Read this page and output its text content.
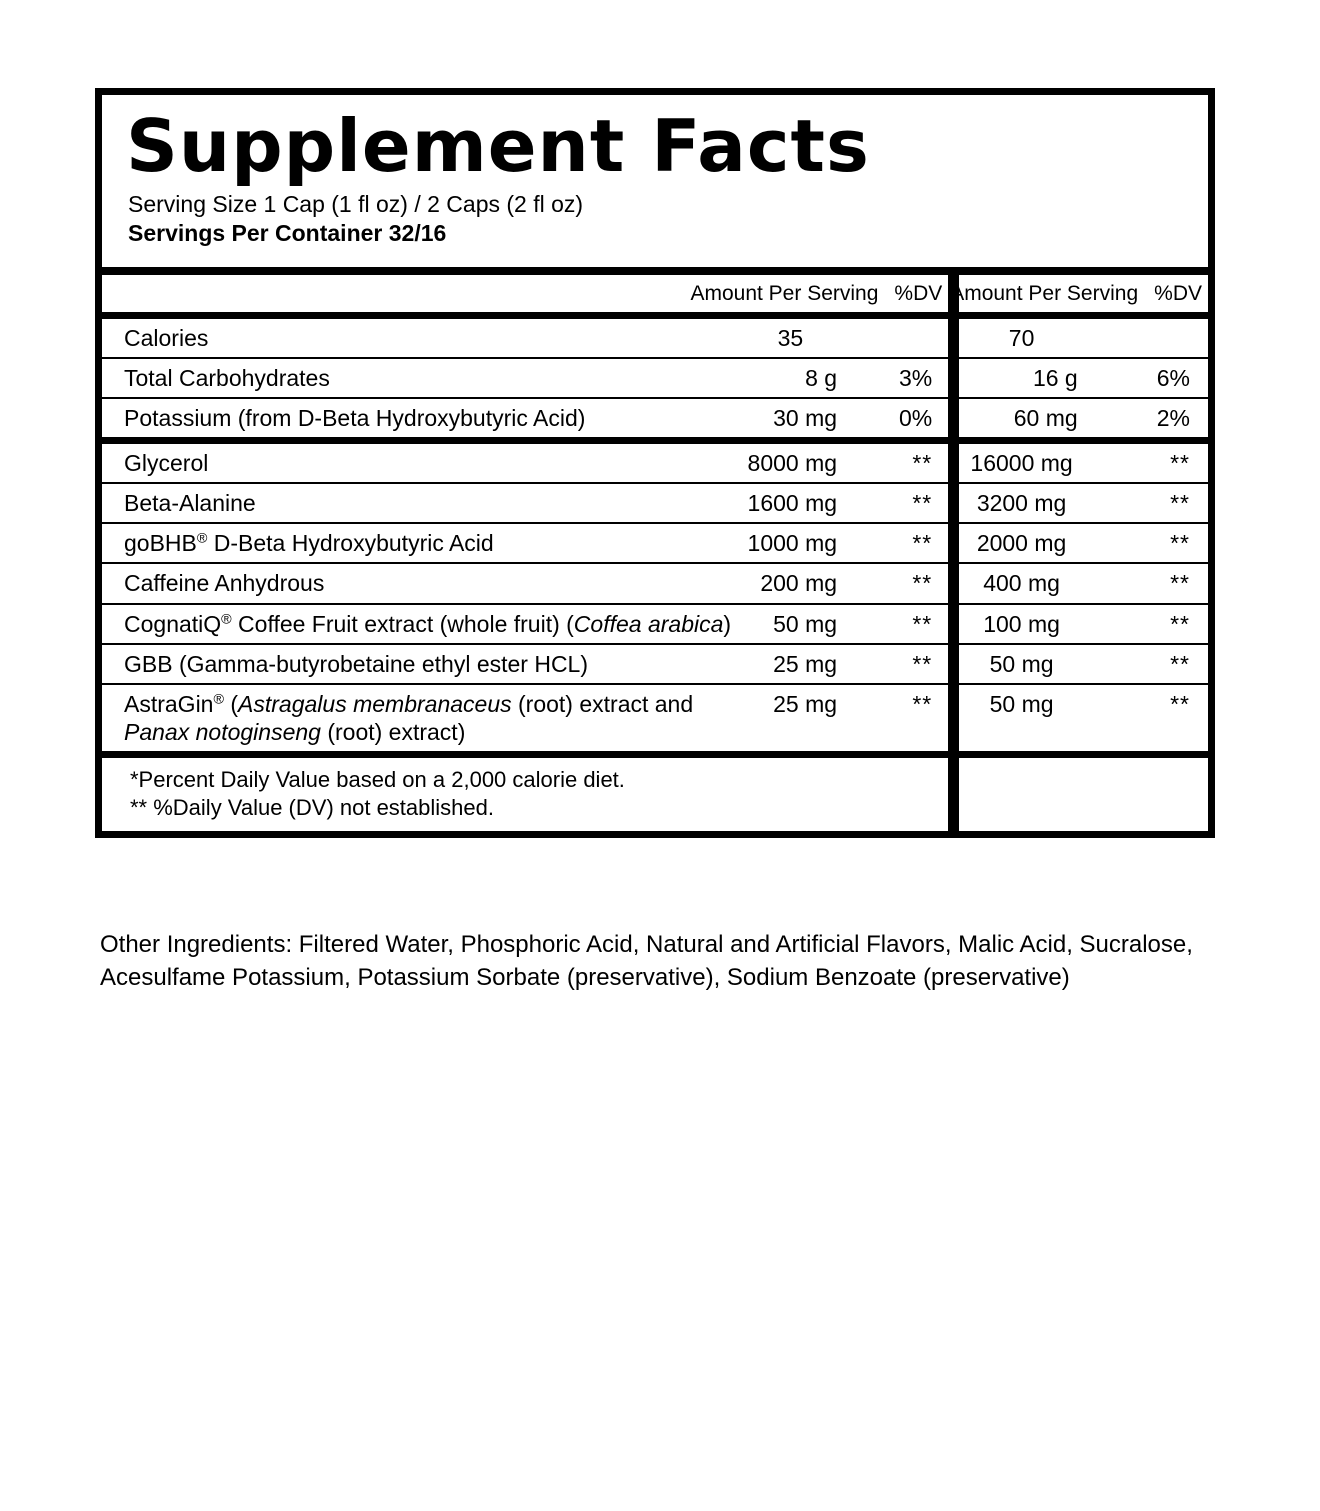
Supplement Facts
Serving Size 1 Cap (1 fl oz) / 2 Caps (2 fl oz)
Servings Per Container 32/16

	Amount Per Serving %DV			Amount Per Serving %DV	

Calories	35			70	
Total Carbohydrates	8 g	3%		16 g	6%
Potassium (from D-Beta Hydroxybutyric Acid)	30 mg	0%		60 mg	2%
Glycerol	8000 mg	**		16000 mg	**
Beta-Alanine	1600 mg	**		3200 mg	**
goBHB® D-Beta Hydroxybutyric Acid	1000 mg	**		2000 mg	**
Caffeine Anhydrous	200 mg	**		400 mg	**
CognatiQ® Coffee Fruit extract (whole fruit) (Coffea arabica)	50 mg	**		100 mg	**
GBB (Gamma-butyrobetaine ethyl ester HCL)	25 mg	**		50 mg	**
AstraGin® (Astragalus membranaceus (root) extract and Panax notoginseng (root) extract)	25 mg	**		50 mg	**

*Percent Daily Value based on a 2,000 calorie diet.
** %Daily Value (DV) not established.					

Other Ingredients: Filtered Water, Phosphoric Acid, Natural and Artificial Flavors, Malic Acid, Sucralose, Acesulfame Potassium, Potassium Sorbate (preservative), Sodium Benzoate (preservative)
